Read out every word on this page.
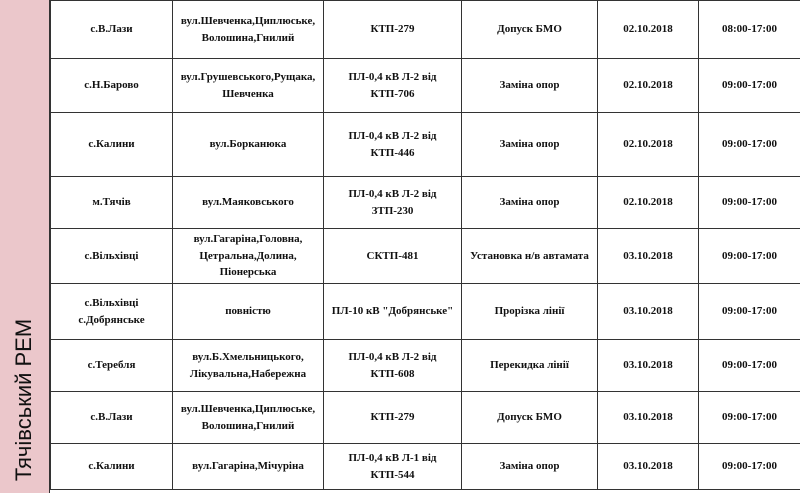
Тячівський РЕМ
с.В.Лази	вул.Шевченка,Циплюське, Волошина,Гнилий	КТП-279	Допуск БМО	02.10.2018	08:00-17:00
с.Н.Барово	вул.Грушевського,Рущака, Шевченка	ПЛ-0,4 кВ Л-2 від КТП-706	Заміна опор	02.10.2018	09:00-17:00
с.Калини	вул.Борканюка	ПЛ-0,4 кВ Л-2 від КТП-446	Заміна опор	02.10.2018	09:00-17:00
м.Тячів	вул.Маяковського	ПЛ-0,4 кВ Л-2 від ЗТП-230	Заміна опор	02.10.2018	09:00-17:00
с.Вільхівці	вул.Гагаріна,Головна, Цетральна,Долина, Піонерська	СКТП-481	Установка н/в автамата	03.10.2018	09:00-17:00
с.Вільхівці с.Добрянське	повністю	ПЛ-10 кВ "Добрянське"	Прорізка лінії	03.10.2018	09:00-17:00
с.Теребля	вул.Б.Хмельницького, Лікувальна,Набережна	ПЛ-0,4 кВ Л-2 від КТП-608	Перекидка лінії	03.10.2018	09:00-17:00
с.В.Лази	вул.Шевченка,Циплюське, Волошина,Гнилий	КТП-279	Допуск БМО	03.10.2018	09:00-17:00
с.Калини	вул.Гагаріна,Мічуріна	ПЛ-0,4 кВ Л-1 від КТП-544	Заміна опор	03.10.2018	09:00-17:00
